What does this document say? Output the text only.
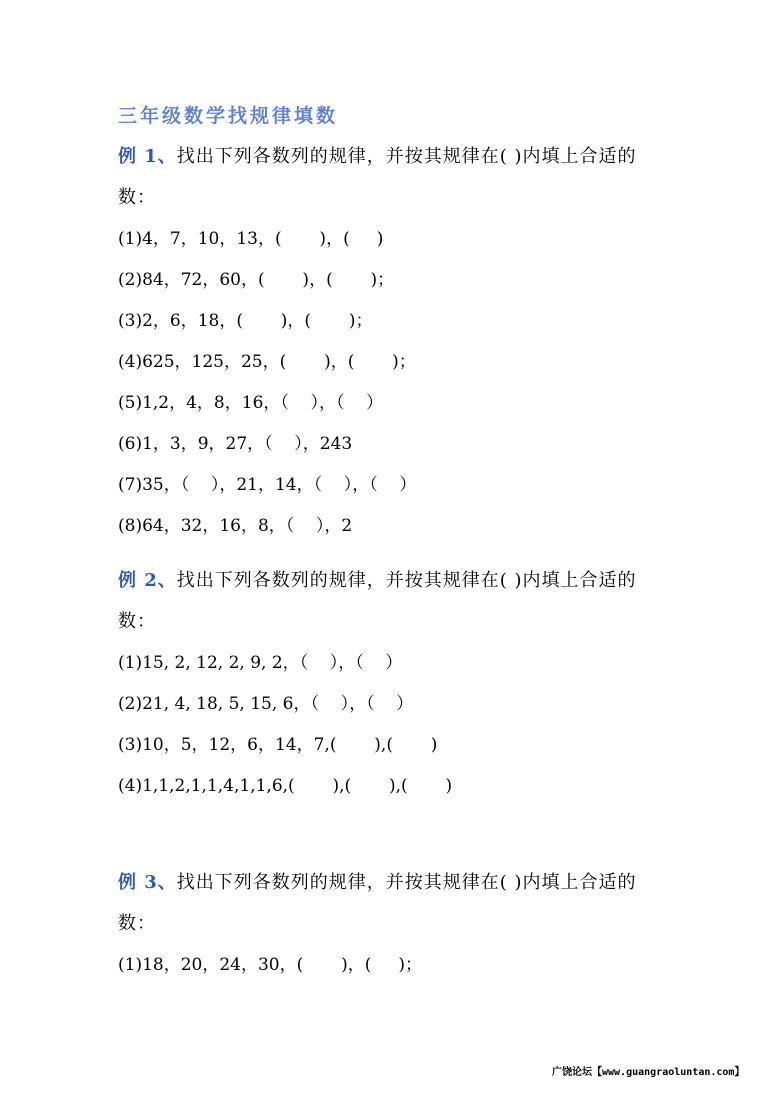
三年级数学找规律填数

例 1、找出下列各数列的规律，并按其规律在( )内填上合适的

数：

(1)4，7，10，13，(       )，(     )

(2)84，72，60，(       )，(       )；

(3)2，6，18，(       )，(       )；

(4)625，125，25，(       )，(       )；

(5)1,2，4，8，16，（    ），（    ）

(6)1，3，9，27，（    ），243

(7)35，（    ），21，14，（    ），（    ）

(8)64，32，16，8，（    ），2

例 2、找出下列各数列的规律，并按其规律在( )内填上合适的

数：

(1)15, 2, 12, 2, 9, 2，（    ），（    ）

(2)21, 4, 18, 5, 15, 6，（    ），（    ）

(3)10，5，12，6，14，7,(       ),(       )

(4)1,1,2,1,1,4,1,1,6,(       ),(       ),(       )

例 3、找出下列各数列的规律，并按其规律在( )内填上合适的

数：

(1)18，20，24，30，(       )，(     )；

广饶论坛【www.guangraoluntan.com】
